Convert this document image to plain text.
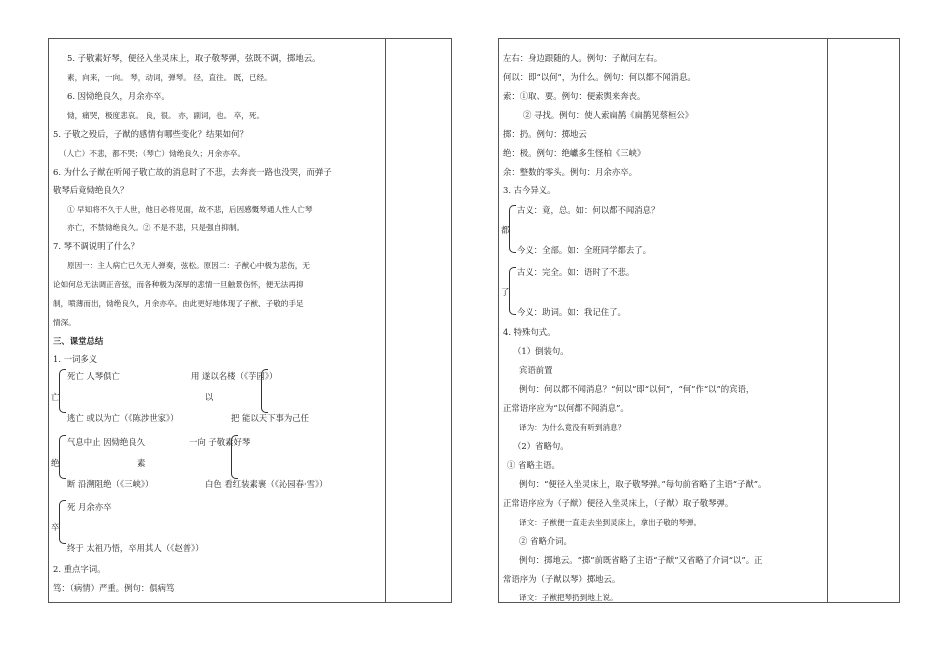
5. 子敬素好琴，便径入坐灵床上，取子敬琴弹，弦既不调，掷地云。
素，向来，一向。 琴，动词，弹琴。 径，直往。 既，已经。
6. 因恸绝良久，月余亦卒。
恸，痛哭，极度悲哀。 良，很。 亦，副词，也。 卒，死。
5. 子敬之殁后，子猷的感情有哪些变化？结果如何？
（人亡）不悲，都不哭；（琴亡）恸绝良久；月余亦卒。
6. 为什么子猷在听闻子敬亡故的消息时了不悲，去奔丧一路也没哭，而弹子
敬琴后竟恸绝良久？
① 早知将不久于人世，他日必将见面，故不悲，后因感慨琴通人性人亡琴
亦亡，不禁恸绝良久。② 不是不悲，只是强自抑制。
7. 琴不调说明了什么？
原因一：主人病亡已久无人弹奏，弦松。原因二：子猷心中极为悲伤，无
论如何总无法调正音弦，而各种极为深厚的悲情一旦触景伤怀，便无法再抑
制，喷薄而出，恸绝良久，月余亦卒。由此更好地体现了子猷、子敬的手足
情深。
三、课堂总结
1. 一词多义
死亡 人琴俱亡	用 遂以名楼（《芋园》）
亡	以
逃亡 或以为亡（《陈涉世家》）	把 能以天下事为己任
气息中止 因恸绝良久	一向 子敬素好琴
绝	素
断 沿溯阻绝（《三峡》）	白色 看红装素裹（《沁园春·雪》）
死 月余亦卒
卒
终于 太祖乃悟，卒用其人（《赵普》）
2. 重点字词。
笃：（病情）严重。例句：俱病笃
左右：身边跟随的人。例句：子猷问左右。
何以：即“以何”，为什么。例句：何以都不闻消息。
索：①取、要。例句：便索舆来奔丧。
② 寻找。例句：使人索扁鹊《扁鹊见蔡桓公》
掷：扔。例句：掷地云
绝：极。例句：绝巘多生怪柏《三峡》
余：整数的零头。例句：月余亦卒。
3. 古今异义。
古义：竟，总。如：何以都不闻消息？
都
今义：全部。如：全班同学都去了。
古义：完全。如：语时了不悲。
了
今义：助词。如：我记住了。
4. 特殊句式。
（1）倒装句。
宾语前置
例句：何以都不闻消息？“何以”即“以何”，“何”作“以”的宾语，
正常语序应为“以何都不闻消息”。
译为：为什么竟没有听到消息？
（2）省略句。
① 省略主语。
例句：“便径入坐灵床上，取子敬琴弹。”每句前省略了主语“子猷”。
正常语序应为（子猷）便径入坐灵床上，（子猷）取子敬琴弹。
译文：子猷便一直走去坐到灵床上，拿出子敬的琴弹。
② 省略介词。
例句：掷地云。“掷”前既省略了主语“子猷”又省略了介词“以”。正
常语序为（子猷以琴）掷地云。
译文：子猷把琴扔到地上说。
